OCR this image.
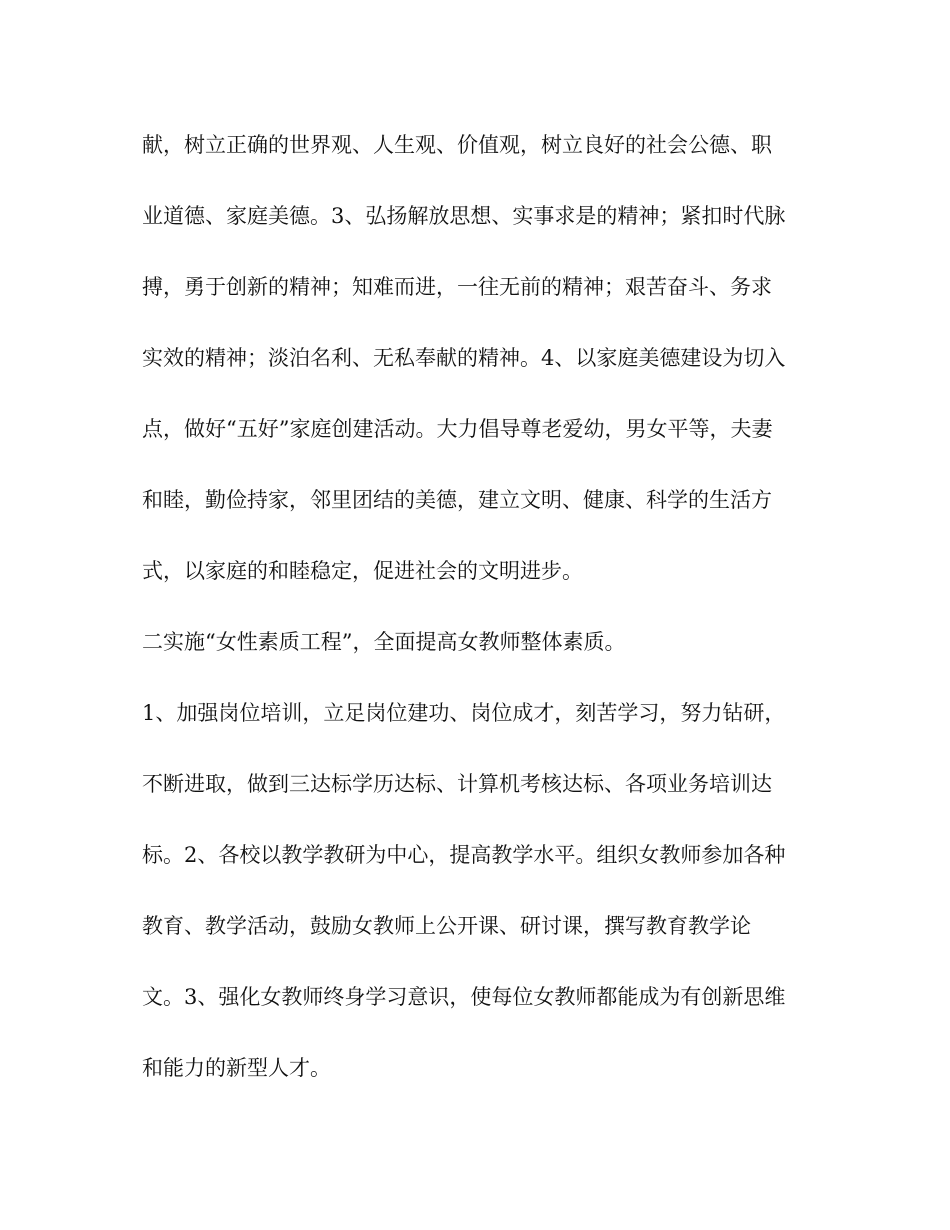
献，树立正确的世界观、人生观、价值观，树立良好的社会公德、职

业道德、家庭美德。3、弘扬解放思想、实事求是的精神；紧扣时代脉

搏，勇于创新的精神；知难而进，一往无前的精神；艰苦奋斗、务求

实效的精神；淡泊名利、无私奉献的精神。4、以家庭美德建设为切入

点，做好“五好”家庭创建活动。大力倡导尊老爱幼，男女平等，夫妻

和睦，勤俭持家，邻里团结的美德，建立文明、健康、科学的生活方

式，以家庭的和睦稳定，促进社会的文明进步。

二实施“女性素质工程”，全面提高女教师整体素质。

1、加强岗位培训，立足岗位建功、岗位成才，刻苦学习，努力钻研，

不断进取，做到三达标学历达标、计算机考核达标、各项业务培训达

标。2、各校以教学教研为中心，提高教学水平。组织女教师参加各种

教育、教学活动，鼓励女教师上公开课、研讨课，撰写教育教学论

文。3、强化女教师终身学习意识，使每位女教师都能成为有创新思维

和能力的新型人才。
